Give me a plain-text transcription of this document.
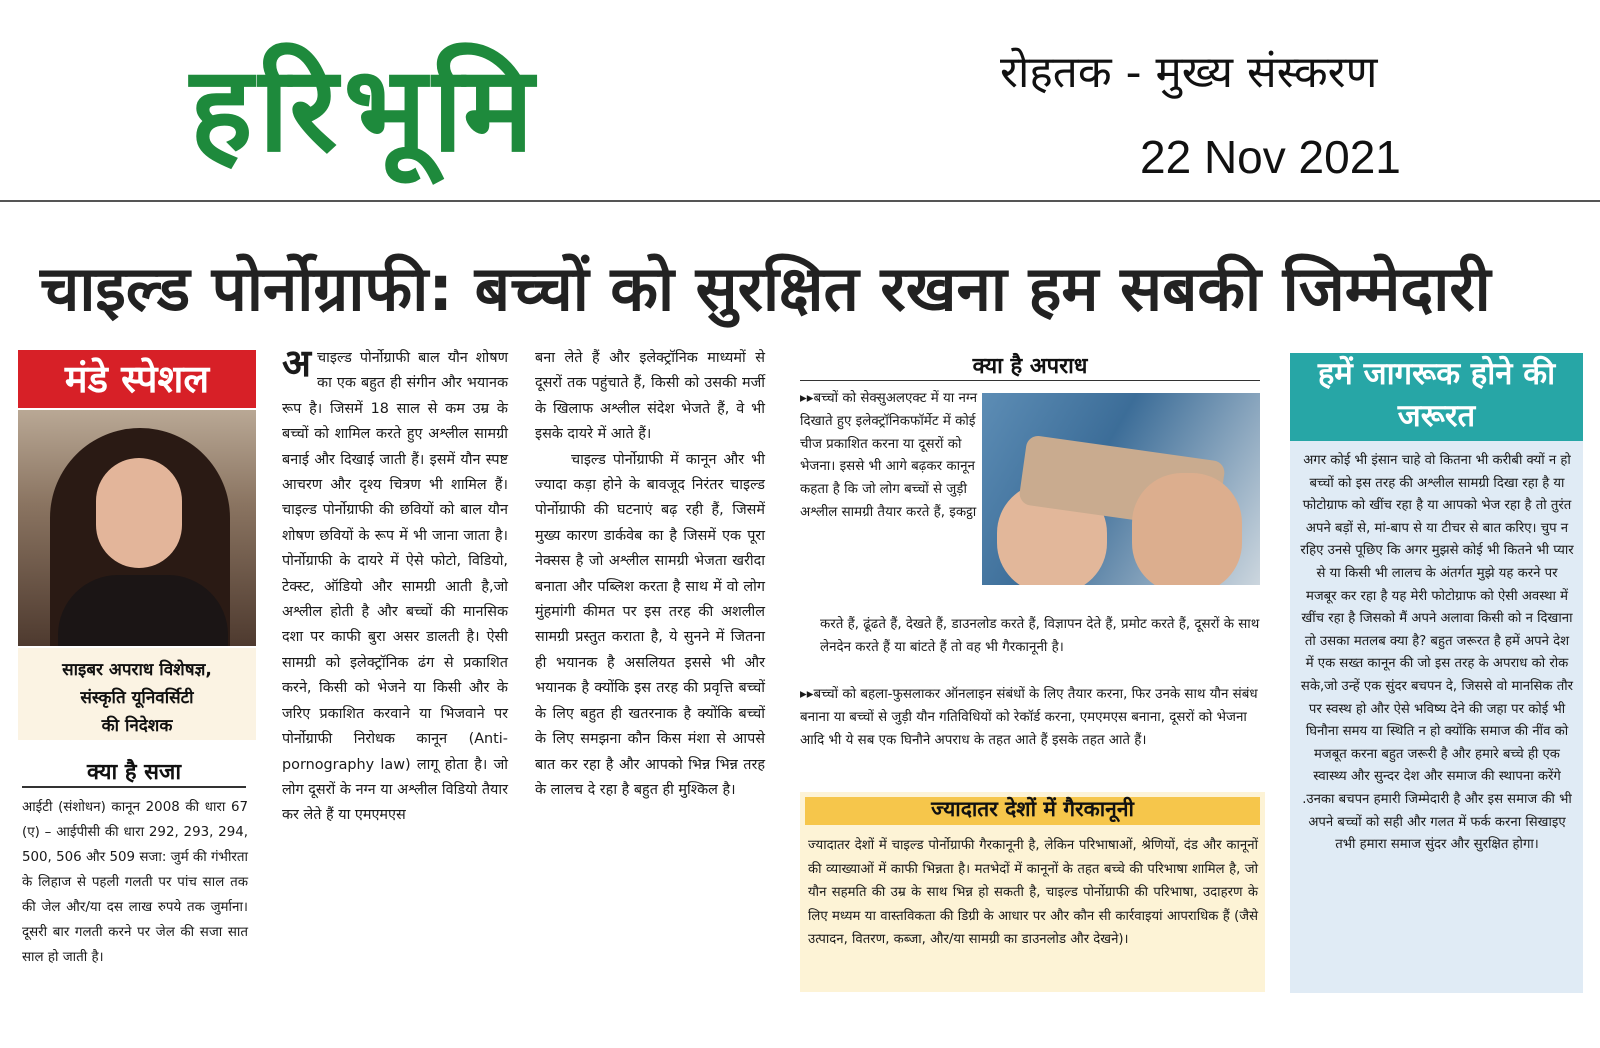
हरिभूमि	रोहतक - मुख्य संस्करण
22 Nov 2021
चाइल्ड पोर्नोग्राफी: बच्चों को सुरक्षित रखना हम सबकी जिम्मेदारी
मंडे स्पेशल
साइबर अपराध विशेषज्ञ,
संस्कृति यूनिवर्सिटी
की निदेशक
क्या है सजा
आईटी (संशोधन) कानून 2008 की धारा 67 (ए) – आईपीसी की धारा 292, 293, 294, 500, 506 और 509 सजा: जुर्म की गंभीरता के लिहाज से पहली गलती पर पांच साल तक की जेल और/या दस लाख रुपये तक जुर्माना। दूसरी बार गलती करने पर जेल की सजा सात साल हो जाती है।
अचाइल्ड पोर्नोग्राफी बाल यौन शोषण का एक बहुत ही संगीन और भयानक रूप है। जिसमें 18 साल से कम उम्र के बच्चों को शामिल करते हुए अश्लील सामग्री बनाई और दिखाई जाती हैं। इसमें यौन स्पष्ट आचरण और दृश्य चित्रण भी शामिल हैं। चाइल्ड पोर्नोग्राफी की छवियों को बाल यौन शोषण छवियों के रूप में भी जाना जाता है। पोर्नोग्राफी के दायरे में ऐसे फोटो, विडियो, टेक्स्ट, ऑडियो और सामग्री आती है,जो अश्लील होती है और बच्चों की मानसिक दशा पर काफी बुरा असर डालती है। ऐसी सामग्री को इलेक्ट्रॉनिक ढंग से प्रकाशित करने, किसी को भेजने या किसी और के जरिए प्रकाशित करवाने या भिजवाने पर पोर्नोग्राफी निरोधक कानून (Anti-pornography law) लागू होता है। जो लोग दूसरों के नग्न या अश्लील विडियो तैयार कर लेते हैं या एमएमएस
बना लेते हैं और इलेक्ट्रॉनिक माध्यमों से दूसरों तक पहुंचाते हैं, किसी को उसकी मर्जी के खिलाफ अश्लील संदेश भेजते हैं, वे भी इसके दायरे में आते हैं।
चाइल्ड पोर्नोग्राफी में कानून और भी ज्यादा कड़ा होने के बावजूद निरंतर चाइल्ड पोर्नोग्राफी की घटनाएं बढ़ रही हैं, जिसमें मुख्य कारण डार्कवेब का है जिसमें एक पूरा नेक्सस है जो अश्लील सामग्री भेजता खरीदा बनाता और पब्लिश करता है साथ में वो लोग मुंहमांगी कीमत पर इस तरह की अशलील सामग्री प्रस्तुत कराता है, ये सुनने में जितना ही भयानक है असलियत इससे भी और भयानक है क्योंकि इस तरह की प्रवृत्ति बच्चों के लिए बहुत ही खतरनाक है क्योंकि बच्चों के लिए समझना कौन किस मंशा से आपसे बात कर रहा है और आपको भिन्न भिन्न तरह के लालच दे रहा है बहुत ही मुश्किल है।
क्या है अपराध
▸▸बच्चों को सेक्सुअलएक्ट में या नग्न दिखाते हुए इलेक्ट्रॉनिकफॉर्मेट में कोई चीज प्रकाशित करना या दूसरों को भेजना। इससे भी आगे बढ़कर कानून कहता है कि जो लोग बच्चों से जुड़ी अश्लील सामग्री तैयार करते हैं, इकट्ठा
करते हैं, ढूंढते हैं, देखते हैं, डाउनलोड करते हैं, विज्ञापन देते हैं, प्रमोट करते हैं, दूसरों के साथ लेनदेन करते हैं या बांटते हैं तो वह भी गैरकानूनी है।
▸▸बच्चों को बहला-फुसलाकर ऑनलाइन संबंधों के लिए तैयार करना, फिर उनके साथ यौन संबंध बनाना या बच्चों से जुड़ी यौन गतिविधियों को रेकॉर्ड करना, एमएमएस बनाना, दूसरों को भेजना आदि भी ये सब एक घिनौने अपराध के तहत आते हैं इसके तहत आते हैं।
ज्यादातर देशों में गैरकानूनी
ज्यादातर देशों में चाइल्ड पोर्नोग्राफी गैरकानूनी है, लेकिन परिभाषाओं, श्रेणियों, दंड और कानूनों की व्याख्याओं में काफी भिन्नता है। मतभेदों में कानूनों के तहत बच्चे की परिभाषा शामिल है, जो यौन सहमति की उम्र के साथ भिन्न हो सकती है, चाइल्ड पोर्नोग्राफी की परिभाषा, उदाहरण के लिए मध्यम या वास्तविकता की डिग्री के आधार पर और कौन सी कार्रवाइयां आपराधिक हैं (जैसे उत्पादन, वितरण, कब्जा, और/या सामग्री का डाउनलोड और देखने)।
हमें जागरूक होने की जरूरत
अगर कोई भी इंसान चाहे वो कितना भी करीबी क्यों न हो बच्चों को इस तरह की अश्लील सामग्री दिखा रहा है या फोटोग्राफ को खींच रहा है या आपको भेज रहा है तो तुरंत अपने बड़ों से, मां-बाप से या टीचर से बात करिए। चुप न रहिए उनसे पूछिए कि अगर मुझसे कोई भी कितने भी प्यार से या किसी भी लालच के अंतर्गत मुझे यह करने पर मजबूर कर रहा है यह मेरी फोटोग्राफ को ऐसी अवस्था में खींच रहा है जिसको मैं अपने अलावा किसी को न दिखाना तो उसका मतलब क्या है? बहुत जरूरत है हमें अपने देश में एक सख्त कानून की जो इस तरह के अपराध को रोक सके,जो उन्हें एक सुंदर बचपन दे, जिससे वो मानसिक तौर पर स्वस्थ हो और ऐसे भविष्य देने की जहा पर कोई भी घिनौना समय या स्थिति न हो क्योंकि समाज की नींव को मजबूत करना बहुत जरूरी है और हमारे बच्चे ही एक स्वास्थ्य और सुन्दर देश और समाज की स्थापना करेंगे .उनका बचपन हमारी जिम्मेदारी है और इस समाज की भी अपने बच्चों को सही और गलत में फर्क करना सिखाइए तभी हमारा समाज सुंदर और सुरक्षित होगा।
